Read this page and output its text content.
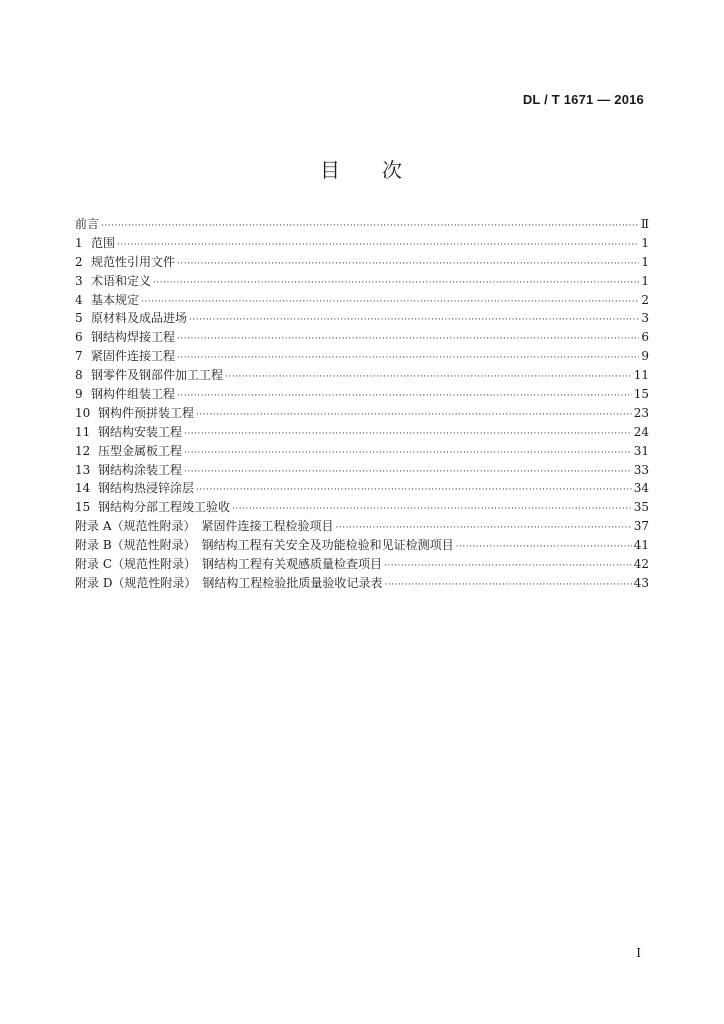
DL / T 1671 — 2016
目 次
前言 ·····	Ⅱ
1 范围 ·····	1
2 规范性引用文件 ·····	1
3 术语和定义 ·····	1
4 基本规定 ·····	2
5 原材料及成品进场 ·····	3
6 钢结构焊接工程 ·····	6
7 紧固件连接工程 ·····	9
8 钢零件及钢部件加工工程 ·····	11
9 钢构件组装工程 ·····	15
10 钢构件预拼装工程 ·····	23
11 钢结构安装工程 ·····	24
12 压型金属板工程 ·····	31
13 钢结构涂装工程 ·····	33
14 钢结构热浸锌涂层 ·····	34
15 钢结构分部工程竣工验收 ·····	35
附录 A（规范性附录）　紧固件连接工程检验项目 ·····	37
附录 B（规范性附录）　钢结构工程有关安全及功能检验和见证检测项目 ·····	41
附录 C（规范性附录）　钢结构工程有关观感质量检查项目 ·····	42
附录 D（规范性附录）　钢结构工程检验批质量验收记录表 ·····	43
I
